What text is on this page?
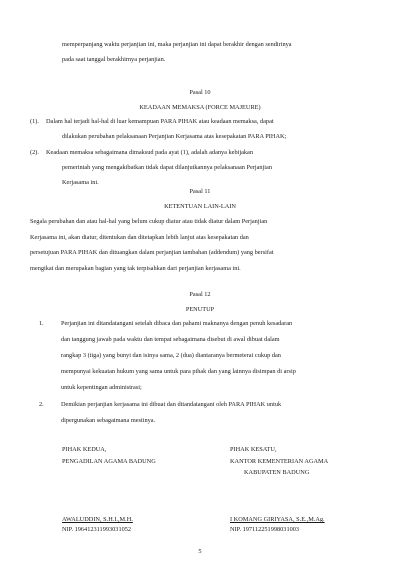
memperpanjang waktu perjanjian ini, maka perjanjian ini dapat berakhir dengan sendirinya
pada saat tanggal berakhirnya perjanjian.
Pasal 10
KEADAAN MEMAKSA (FORCE MAJEURE)
(1). Dalam hal terjadi hal-hal di luar kemampuan PARA PIHAK atau keadaan memaksa, dapat
dilakukan perubahan pelaksanaan Perjanjian Kerjasama atas kesepakatan PARA PIHAK;
(2). Keadaan memaksa sebagaimana dimaksud pada ayat (1), adalah adanya kebijakan
pemerintah yang mengakibatkan tidak dapat dilanjutkannya pelaksanaan Perjanjian
Kerjasama ini.
Pasal 11
KETENTUAN LAIN-LAIN
Segala perubahan dan atau hal-hal yang belum cukup diatur atau tidak diatur dalam Perjanjian
Kerjasama ini, akan diatur, ditentukan dan ditetapkan lebih lanjut atas kesepakatan dan
persetujuan PARA PIHAK dan dituangkan dalam perjanjian tambahan (addendum) yang bersifat
mengikat dan merupakan bagian yang tak terpisahkan dari perjanjian kerjasama ini.
Pasal 12
PENUTUP
1.	Perjanjian ini ditandatangani setelah dibaca dan pahami maknanya dengan penuh kesadaran
dan tanggung jawab pada waktu dan tempat sebagaimana disebut di awal dibuat dalam
rangkap 3 (tiga) yang bunyi dan isinya sama, 2 (dua) diantaranya bermeterai cukup dan
mempunyai kekuatan hukum yang sama untuk para pihak dan yang lainnya disimpan di arsip
untuk kepentingan administrasi;
2.	Demikian perjanjian kerjasama ini dibuat dan ditandatangani oleh PARA PIHAK untuk
dipergunakan sebagaimana mestinya.
PIHAK KEDUA,
PENGADILAN AGAMA BADUNG
PIHAK KESATU,
KANTOR KEMENTERIAN AGAMA
KABUPATEN BADUNG
AWALUDDIN, S.H.I.,M.H.
NIP. 196412311993031052
I KOMANG GIRIYASA, S.E.,M.Ag.
NIP. 197112251998031003
5
